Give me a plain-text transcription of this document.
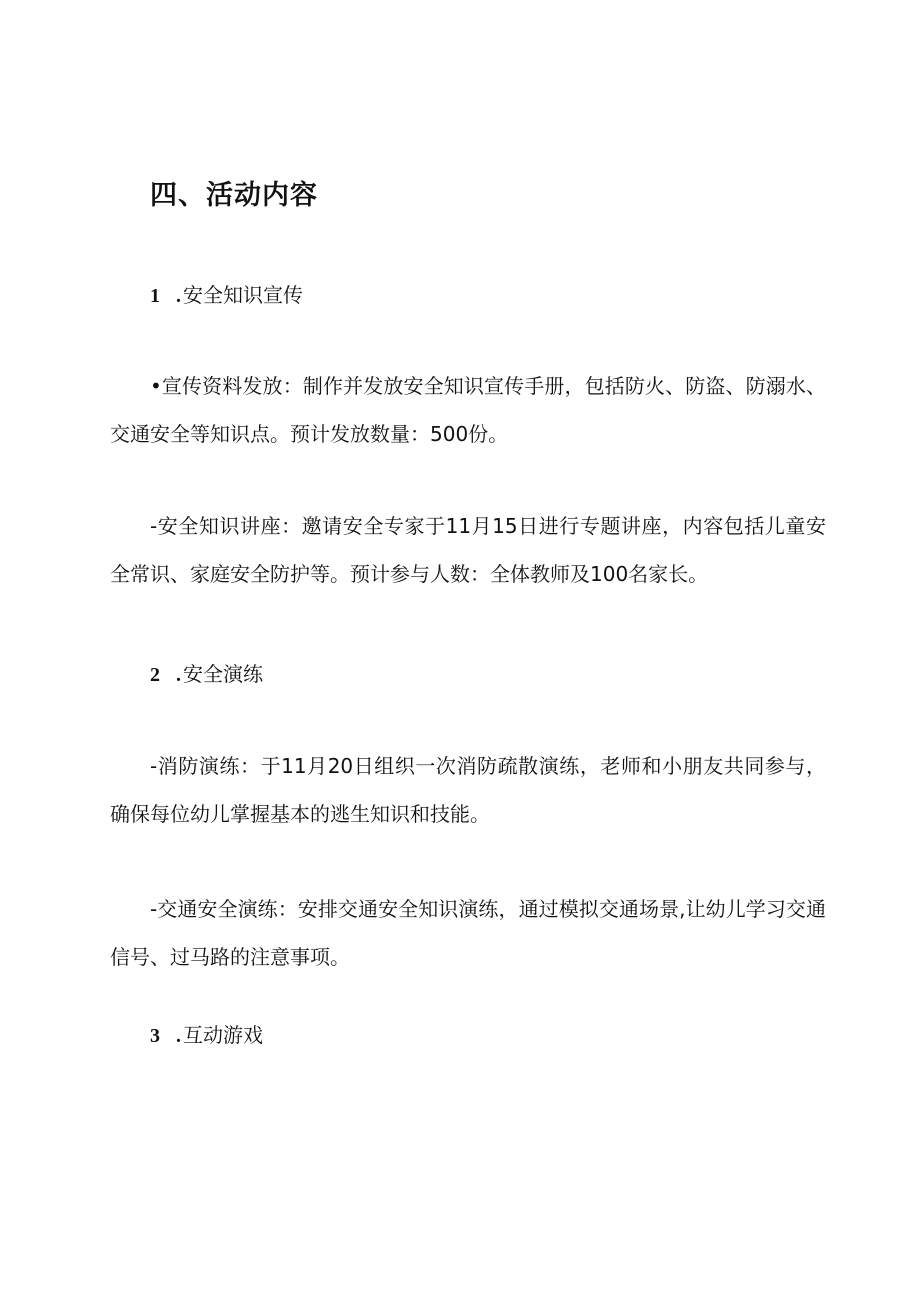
四、活动内容
1 . 安全知识宣传

•宣传资料发放：制作并发放安全知识宣传手册，包括防火、防盗、防溺水、交通安全等知识点。预计发放数量：500份。

-安全知识讲座：邀请安全专家于11月15日进行专题讲座，内容包括儿童安全常识、家庭安全防护等。预计参与人数：全体教师及100名家长。

2 . 安全演练

-消防演练：于11月20日组织一次消防疏散演练，老师和小朋友共同参与，确保每位幼儿掌握基本的逃生知识和技能。

-交通安全演练：安排交通安全知识演练，通过模拟交通场景,让幼儿学习交通信号、过马路的注意事项。

3 . 互动游戏
